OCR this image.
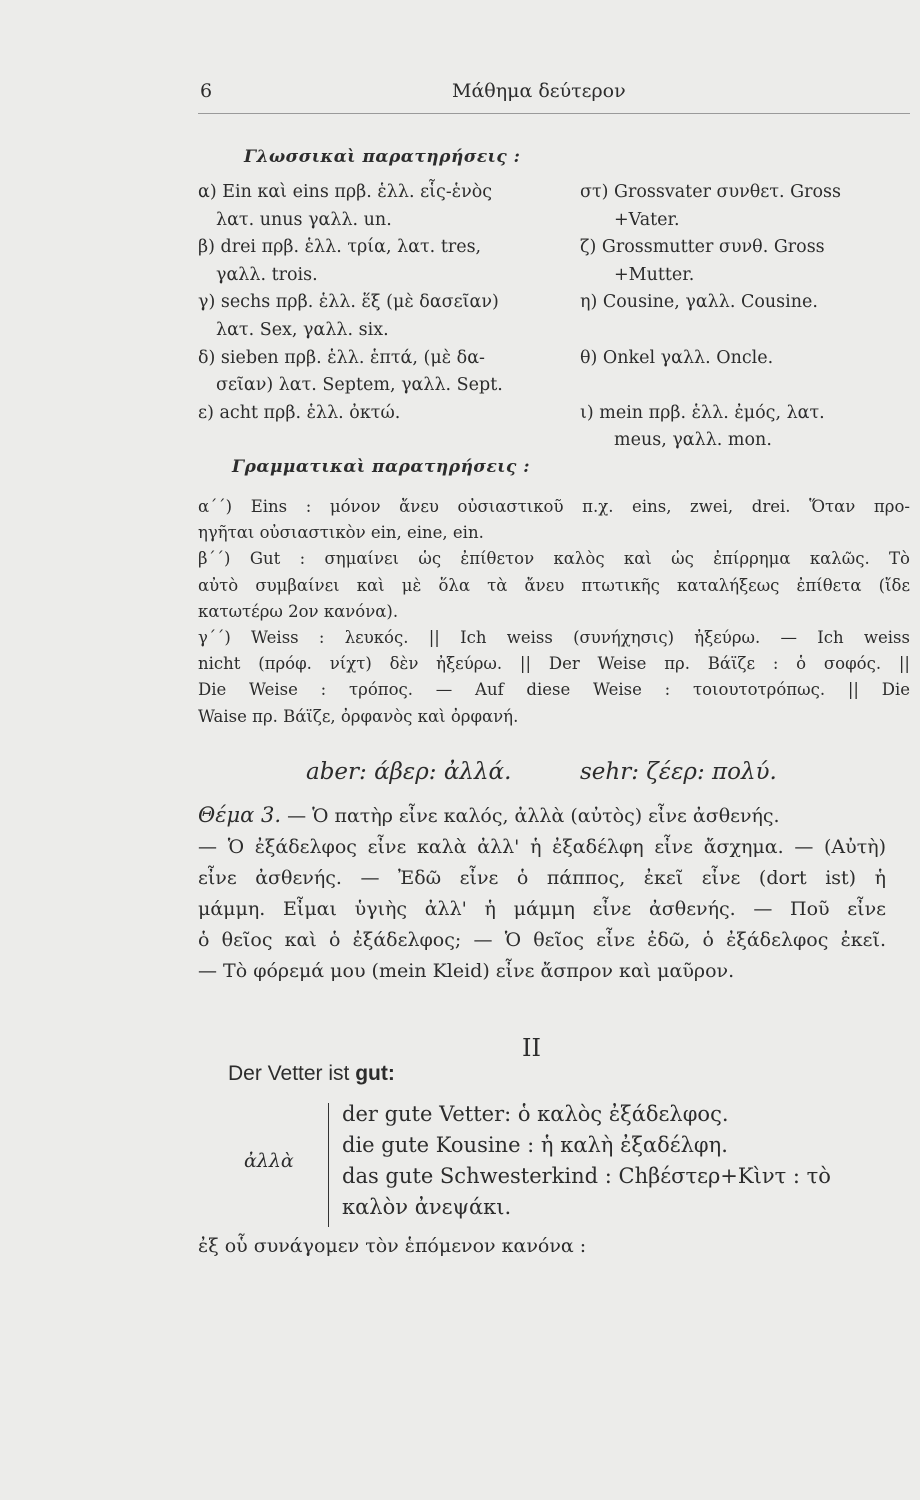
6	Μάθημα δεύτερον
Γλωσσικαὶ παρατηρήσεις :
α) Ein καὶ eins πρβ. ἑλλ. εἷς-ἑνὸς
λατ. unus γαλλ. un.
β) drei πρβ. ἑλλ. τρία, λατ. tres,
γαλλ. trois.
γ) sechs πρβ. ἑλλ. ἕξ (μὲ δασεῖαν)
λατ. Sex, γαλλ. six.
δ) sieben πρβ. ἑλλ. ἑπτά, (μὲ δα-
σεῖαν) λατ. Septem, γαλλ. Sept.
ε) acht πρβ. ἑλλ. ὀκτώ.
στ) Grossvater συνθετ. Gross
+Vater.
ζ) Grossmutter συνθ. Gross
+Mutter.
η) Cousine, γαλλ. Cousine.
θ) Onkel γαλλ. Oncle.
ι) mein πρβ. ἑλλ. ἐμός, λατ.
meus, γαλλ. mon.
Γραμματικαὶ παρατηρήσεις :
α΄΄) Eins : μόνον ἄνευ οὐσιαστικοῦ π.χ. eins, zwei, drei. Ὅταν προ-
ηγῆται οὐσιαστικὸν ein, eine, ein.
β΄΄) Gut : σημαίνει ὡς ἐπίθετον καλὸς καὶ ὡς ἐπίρρημα καλῶς. Τὸ
αὐτὸ συμβαίνει καὶ μὲ ὅλα τὰ ἄνευ πτωτικῆς καταλήξεως ἐπίθετα (ἴδε
κατωτέρω 2ον κανόνα).
γ΄΄) Weiss : λευκός. || Ich weiss (συνήχησις) ἠξεύρω. — Ich weiss
nicht (πρόφ. νίχτ) δὲν ἠξεύρω. || Der Weise πρ. Βάϊζε : ὁ σοφός. ||
Die Weise : τρόπος. — Auf diese Weise : τοιουτοτρόπως. || Die
Waise πρ. Βάϊζε, ὀρφανὸς καὶ ὀρφανή.
aber: άβερ: ἀλλά.	sehr: ζέερ: πολύ.
Θέμα 3. — Ὁ πατὴρ εἶνε καλός, ἀλλὰ (αὐτὸς) εἶνε ἀσθενής.
— Ὁ ἐξάδελφος εἶνε καλὰ ἀλλ' ἡ ἐξαδέλφη εἶνε ἄσχημα. — (Αὐτὴ)
εἶνε ἀσθενής. — Ἐδῶ εἶνε ὁ πάππος, ἐκεῖ εἶνε (dort ist) ἡ
μάμμη. Εἶμαι ὑγιὴς ἀλλ' ἡ μάμμη εἶνε ἀσθενής. — Ποῦ εἶνε
ὁ θεῖος καὶ ὁ ἐξάδελφος; — Ὁ θεῖος εἶνε ἐδῶ, ὁ ἐξάδελφος ἐκεῖ.
— Τὸ φόρεμά μου (mein Kleid) εἶνε ἄσπρον καὶ μαῦρον.
II
Der Vetter ist gut:
ἀλλὰ
der gute Vetter: ὁ καλὸς ἐξάδελφος.
die gute Kousine : ἡ καλὴ ἐξαδέλφη.
das gute Schwesterkind : Chβέστερ+Κὶντ : τὸ
καλὸν ἀνεψάκι.
ἐξ οὗ συνάγομεν τὸν ἑπόμενον κανόνα :
